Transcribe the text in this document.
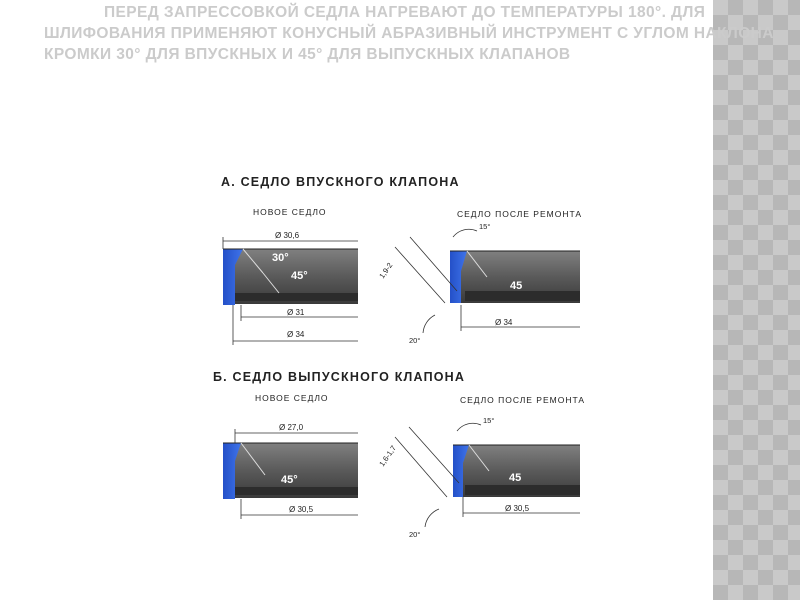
ПЕРЕД ЗАПРЕССОВКОЙ СЕДЛА НАГРЕВАЮТ ДО ТЕМПЕРАТУРЫ 180°. ДЛЯ ШЛИФОВАНИЯ ПРИМЕНЯЮТ КОНУСНЫЙ АБРАЗИВНЫЙ ИНСТРУМЕНТ С УГЛОМ НАКЛОНА КРОМКИ 30° ДЛЯ ВПУСКНЫХ И 45° ДЛЯ ВЫПУСКНЫХ КЛАПАНОВ

А. СЕДЛО ВПУСКНОГО КЛАПОНА
НОВОЕ СЕДЛО	СЕДЛО ПОСЛЕ РЕМОНТА
Ø 30,6
Ø 31
Ø 34
30°
45°	1,9-2
15°
20°
Ø 34
45
Б. СЕДЛО ВЫПУСКНОГО КЛАПОНА
НОВОЕ СЕДЛО	СЕДЛО ПОСЛЕ РЕМОНТА
Ø 27,0
Ø 30,5
45°
1,6-1,7
15°
20°
Ø 30,5
45
